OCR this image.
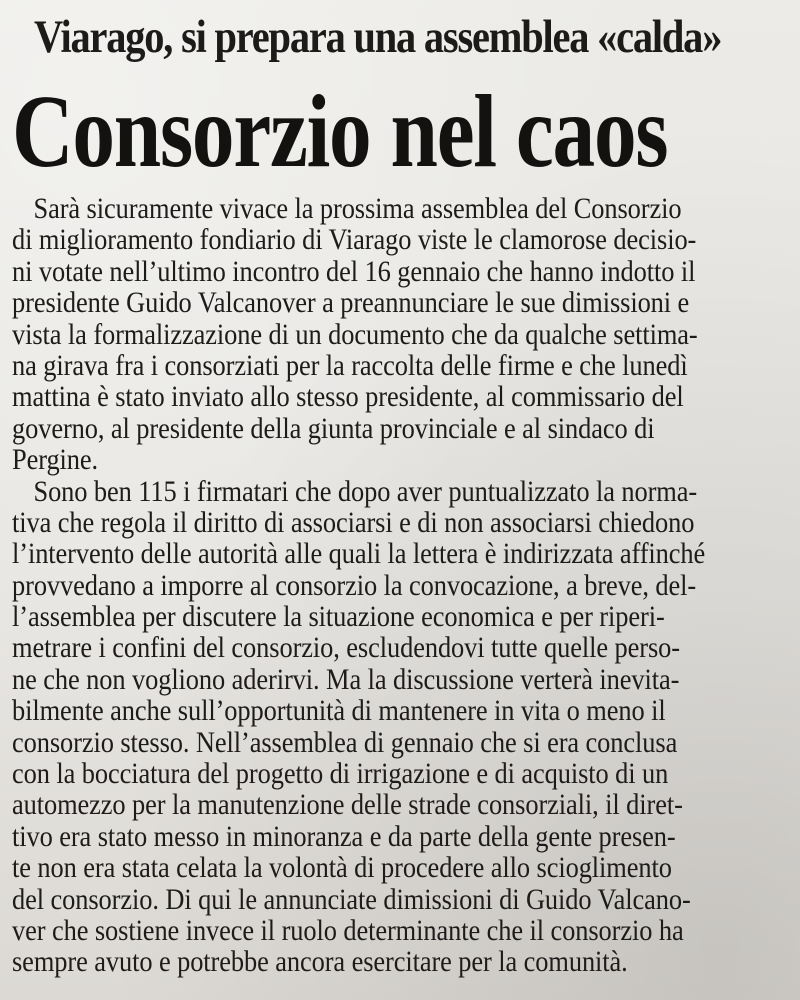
Viarago, si prepara una assemblea «calda»
Consorzio nel caos
Sarà sicuramente vivace la prossima assemblea del Consorzio
di miglioramento fondiario di Viarago viste le clamorose decisio-
ni votate nell’ultimo incontro del 16 gennaio che hanno indotto il
presidente Guido Valcanover a preannunciare le sue dimissioni e
vista la formalizzazione di un documento che da qualche settima-
na girava fra i consorziati per la raccolta delle firme e che lunedì
mattina è stato inviato allo stesso presidente, al commissario del
governo, al presidente della giunta provinciale e al sindaco di
Pergine.
Sono ben 115 i firmatari che dopo aver puntualizzato la norma-
tiva che regola il diritto di associarsi e di non associarsi chiedono
l’intervento delle autorità alle quali la lettera è indirizzata affinché
provvedano a imporre al consorzio la convocazione, a breve, del-
l’assemblea per discutere la situazione economica e per riperi-
metrare i confini del consorzio, escludendovi tutte quelle perso-
ne che non vogliono aderirvi. Ma la discussione verterà inevita-
bilmente anche sull’opportunità di mantenere in vita o meno il
consorzio stesso. Nell’assemblea di gennaio che si era conclusa
con la bocciatura del progetto di irrigazione e di acquisto di un
automezzo per la manutenzione delle strade consorziali, il diret-
tivo era stato messo in minoranza e da parte della gente presen-
te non era stata celata la volontà di procedere allo scioglimento
del consorzio. Di qui le annunciate dimissioni di Guido Valcano-
ver che sostiene invece il ruolo determinante che il consorzio ha
sempre avuto e potrebbe ancora esercitare per la comunità.
